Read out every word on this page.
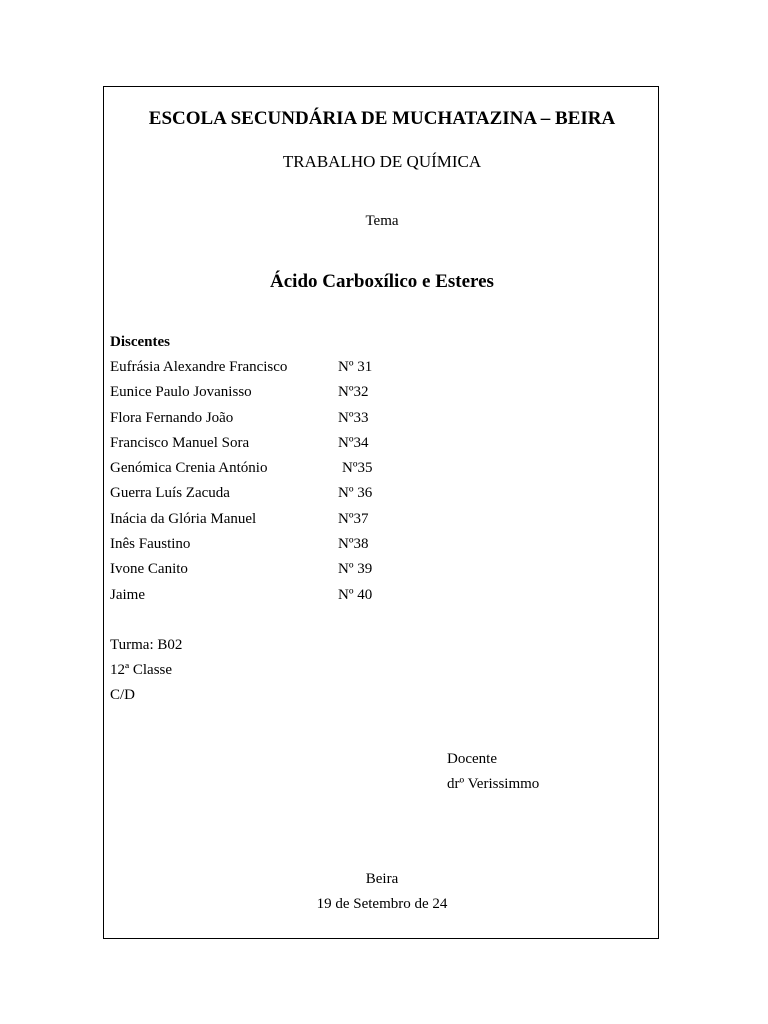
ESCOLA SECUNDÁRIA DE MUCHATAZINA – BEIRA
TRABALHO DE QUÍMICA
Tema
Ácido Carboxílico e Esteres
Discentes
Eufrásia Alexandre Francisco	Nº 31
Eunice Paulo Jovanisso	Nº32
Flora Fernando João	Nº33
Francisco Manuel Sora	Nº34
Genómica Crenia António	Nº35
Guerra Luís Zacuda	Nº 36
Inácia da Glória Manuel	Nº37
Inês Faustino	Nº38
Ivone Canito	Nº 39
Jaime	Nº 40
Turma: B02
12ª Classe
C/D
Docente
drº Verissimmo
Beira
19 de Setembro de 24
